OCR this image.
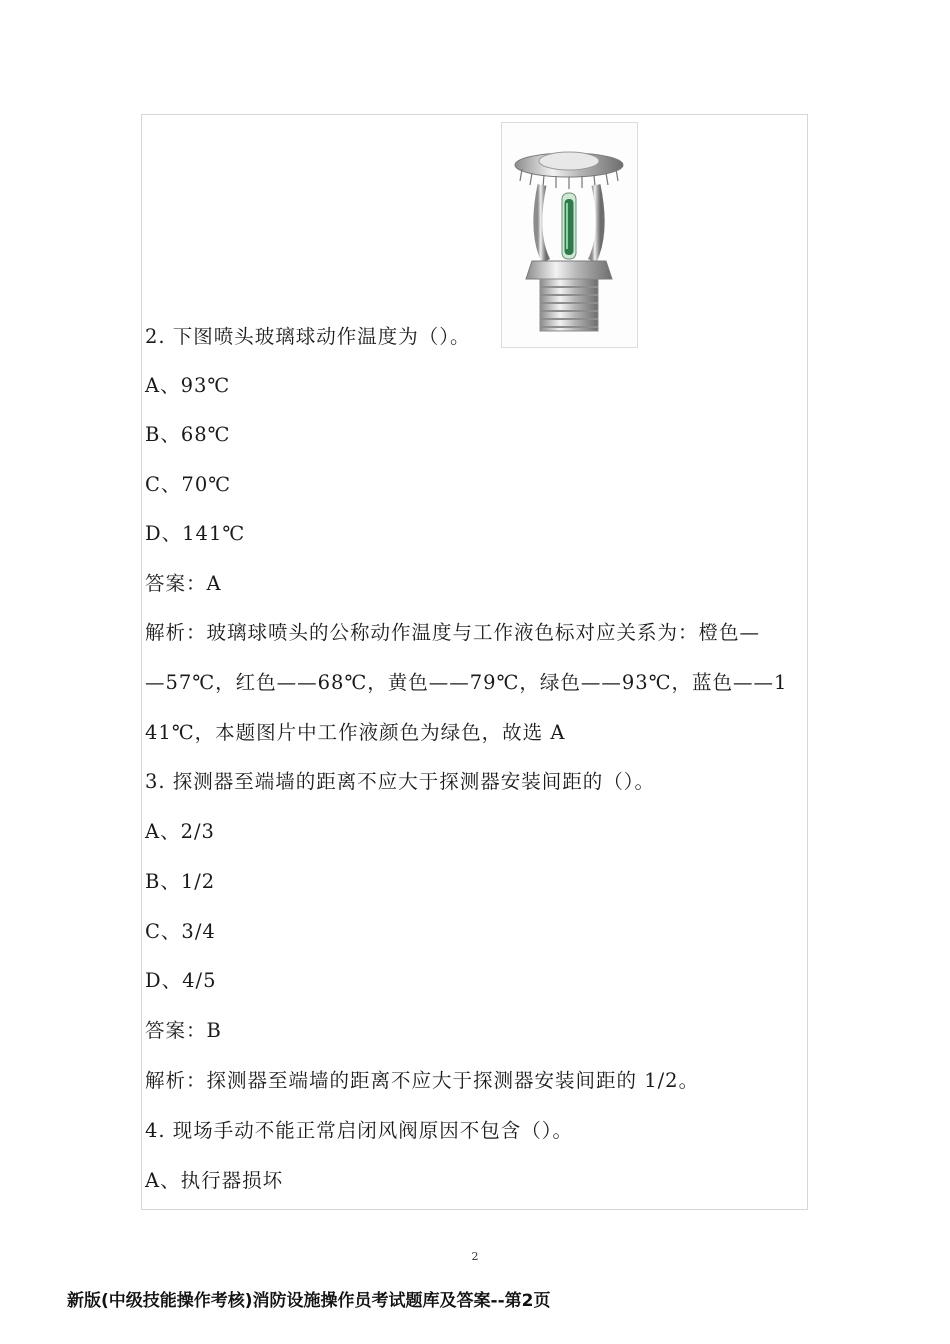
2. 下图喷头玻璃球动作温度为（）。
A、93℃
B、68℃
C、70℃
D、141℃
答案：A
解析：玻璃球喷头的公称动作温度与工作液色标对应关系为：橙色—
—57℃，红色——68℃，黄色——79℃，绿色——93℃，蓝色——1
41℃，本题图片中工作液颜色为绿色，故选 A
3. 探测器至端墙的距离不应大于探测器安装间距的（）。
A、2/3
B、1/2
C、3/4
D、4/5
答案：B
解析：探测器至端墙的距离不应大于探测器安装间距的 1/2。
4. 现场手动不能正常启闭风阀原因不包含（）。
A、执行器损坏
2
新版(中级技能操作考核)消防设施操作员考试题库及答案--第2页
